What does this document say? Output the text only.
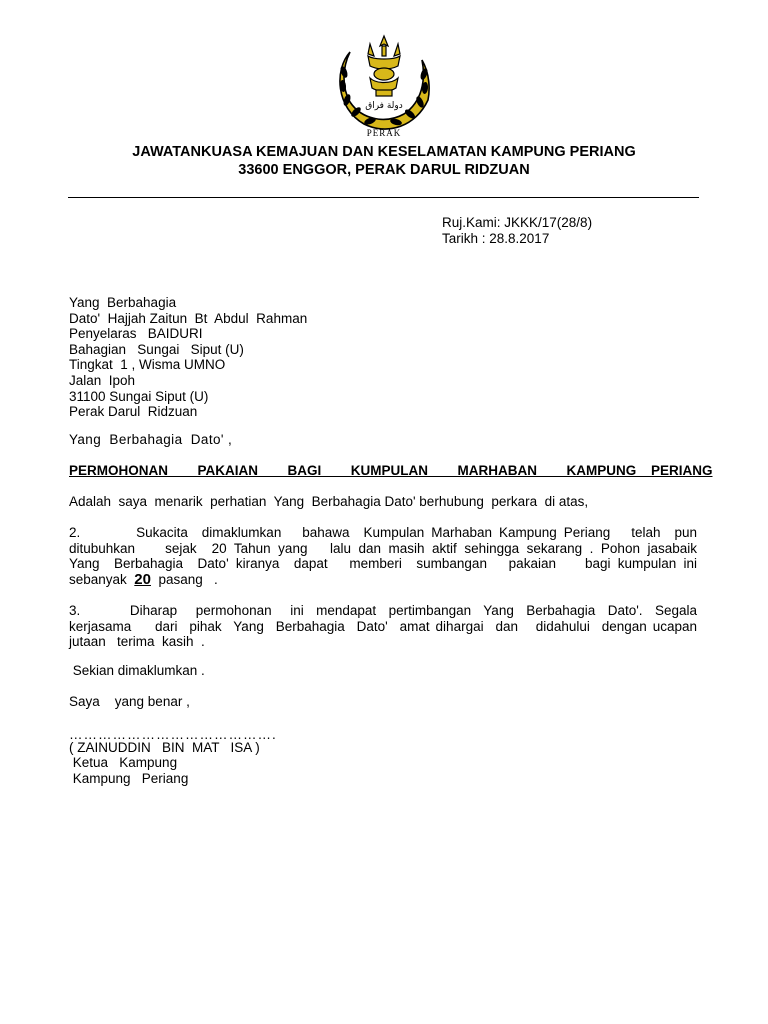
دولة فراق
PERAK
JAWATANKUASA KEMAJUAN DAN KESELAMATAN KAMPUNG PERIANG
33600 ENGGOR, PERAK DARUL RIDZUAN
Ruj.Kami: JKKK/17(28/8)
Tarikh : 28.8.2017
Yang  Berbahagia
Dato'  Hajjah Zaitun  Bt  Abdul  Rahman
Penyelaras   BAIDURI
Bahagian   Sungai   Siput (U)
Tingkat  1 , Wisma UMNO
Jalan  Ipoh
31100 Sungai Siput (U)
Perak Darul  Ridzuan
Yang  Berbahagia  Dato' ,
PERMOHONAN  PAKAIAN  BAGI  KUMPULAN  MARHABAN  KAMPUNG PERIANG
Adalah  saya  menarik  perhatian  Yang  Berbahagia Dato' berhubung  perkara  di atas,
2.        Sukacita  dimaklumkan   bahawa  Kumpulan Marhaban Kampung Periang   telah  pun
ditubuhkan    sejak  20 Tahun yang   lalu dan masih aktif sehingga sekarang . Pohon jasabaik
Yang  Berbahagia  Dato' kiranya  dapat   memberi  sumbangan   pakaian    bagi kumpulan ini
sebanyak  20  pasang   .
3.        Diharap   permohonan   ini  mendapat  pertimbangan  Yang  Berbahagia  Dato'.  Segala
kerjasama    dari  pihak  Yang  Berbahagia  Dato'  amat dihargai  dan   didahului  dengan ucapan
jutaan   terima  kasih  .
Sekian dimaklumkan .
Saya    yang benar ,
…………………………………….
( ZAINUDDIN   BIN  MAT   ISA )
Ketua   Kampung
Kampung   Periang
